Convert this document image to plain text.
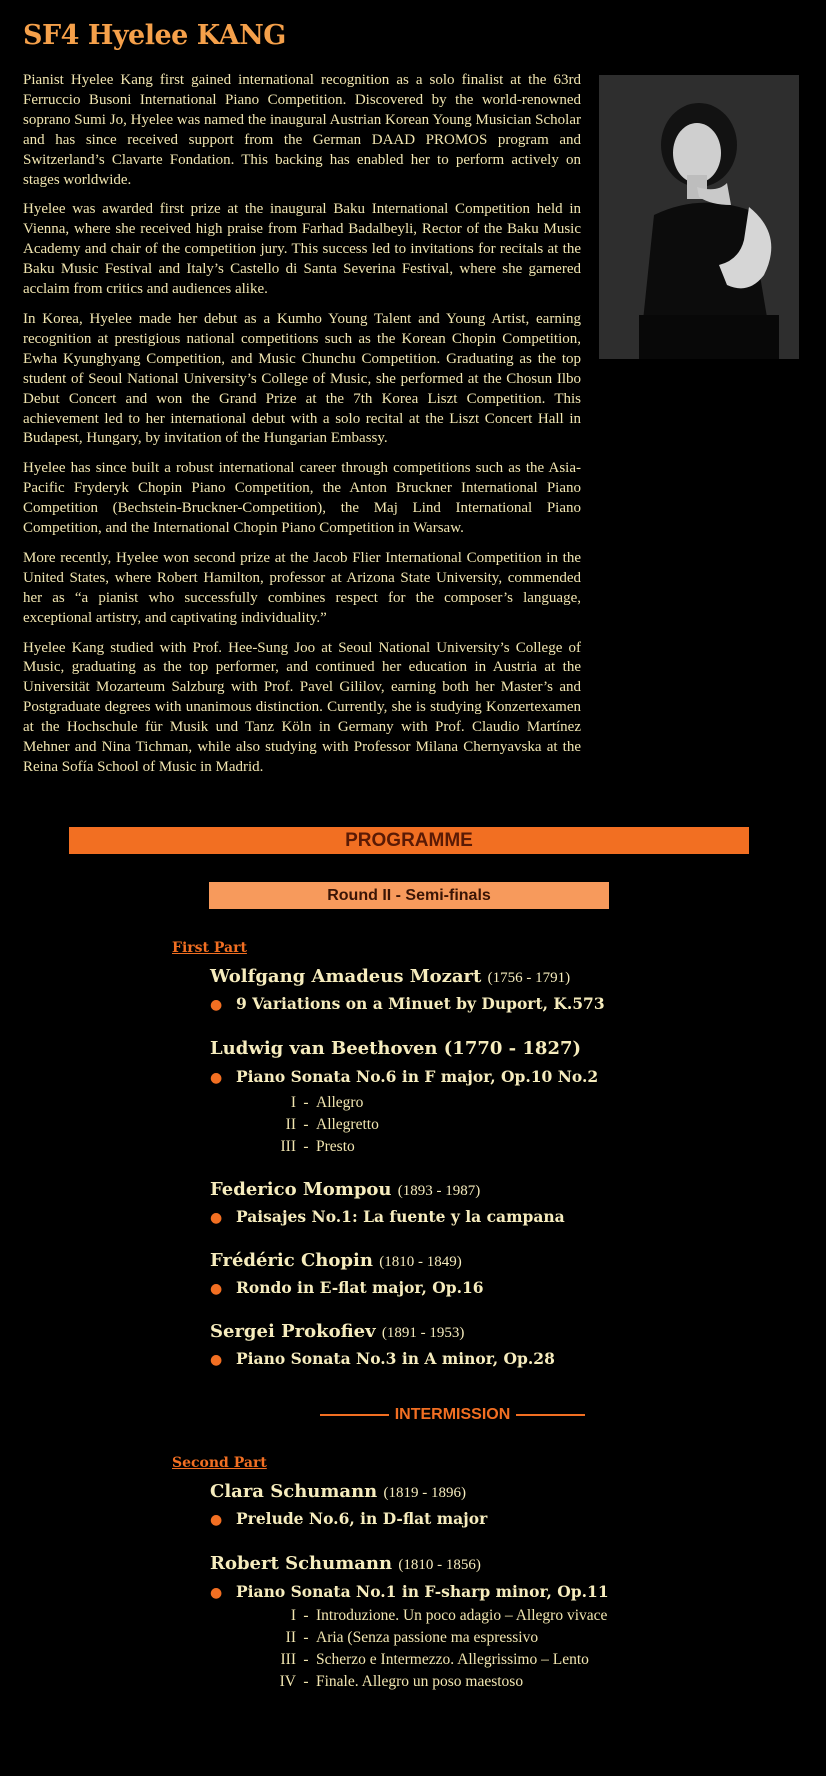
SF4 Hyelee KANG

Pianist Hyelee Kang first gained international recognition as a solo finalist at the 63rd Ferruccio Busoni International Piano Competition. Discovered by the world-renowned soprano Sumi Jo, Hyelee was named the inaugural Austrian Korean Young Musician Scholar and has since received support from the German DAAD PROMOS program and Switzerland’s Clavarte Fondation. This backing has enabled her to perform actively on stages worldwide.

Hyelee was awarded first prize at the inaugural Baku International Competition held in Vienna, where she received high praise from Farhad Badalbeyli, Rector of the Baku Music Academy and chair of the competition jury. This success led to invitations for recitals at the Baku Music Festival and Italy’s Castello di Santa Severina Festival, where she garnered acclaim from critics and audiences alike.

In Korea, Hyelee made her debut as a Kumho Young Talent and Young Artist, earning recognition at prestigious national competitions such as the Korean Chopin Competition, Ewha Kyunghyang Competition, and Music Chunchu Competition. Graduating as the top student of Seoul National University’s College of Music, she performed at the Chosun Ilbo Debut Concert and won the Grand Prize at the 7th Korea Liszt Competition. This achievement led to her international debut with a solo recital at the Liszt Concert Hall in Budapest, Hungary, by invitation of the Hungarian Embassy.

Hyelee has since built a robust international career through competitions such as the Asia-Pacific Fryderyk Chopin Piano Competition, the Anton Bruckner International Piano Competition (Bechstein-Bruckner-Competition), the Maj Lind International Piano Competition, and the International Chopin Piano Competition in Warsaw.

More recently, Hyelee won second prize at the Jacob Flier International Competition in the United States, where Robert Hamilton, professor at Arizona State University, commended her as “a pianist who successfully combines respect for the composer’s language, exceptional artistry, and captivating individuality.”

Hyelee Kang studied with Prof. Hee-Sung Joo at Seoul National University’s College of Music, graduating as the top performer, and continued her education in Austria at the Universität Mozarteum Salzburg with Prof. Pavel Gililov, earning both her Master’s and Postgraduate degrees with unanimous distinction. Currently, she is studying Konzertexamen at the Hochschule für Musik und Tanz Köln in Germany with Prof. Claudio Martínez Mehner and Nina Tichman, while also studying with Professor Milana Chernyavska at the Reina Sofía School of Music in Madrid.

PROGRAMME
Round II - Semi-finals
First Part
Wolfgang Amadeus Mozart (1756 - 1791)
● 9 Variations on a Minuet by Duport, K.573
Ludwig van Beethoven (1770 - 1827)
● Piano Sonata No.6 in F major, Op.10 No.2
I - Allegro
II - Allegretto
III - Presto
Federico Mompou (1893 - 1987)
● Paisajes No.1: La fuente y la campana
Frédéric Chopin (1810 - 1849)
● Rondo in E-flat major, Op.16
Sergei Prokofiev (1891 - 1953)
● Piano Sonata No.3 in A minor, Op.28
INTERMISSION
Second Part
Clara Schumann (1819 - 1896)
● Prelude No.6, in D-flat major
Robert Schumann (1810 - 1856)
● Piano Sonata No.1 in F-sharp minor, Op.11
I - Introduzione. Un poco adagio – Allegro vivace
II - Aria (Senza passione ma espressivo
III - Scherzo e Intermezzo. Allegrissimo – Lento
IV - Finale. Allegro un poso maestoso
